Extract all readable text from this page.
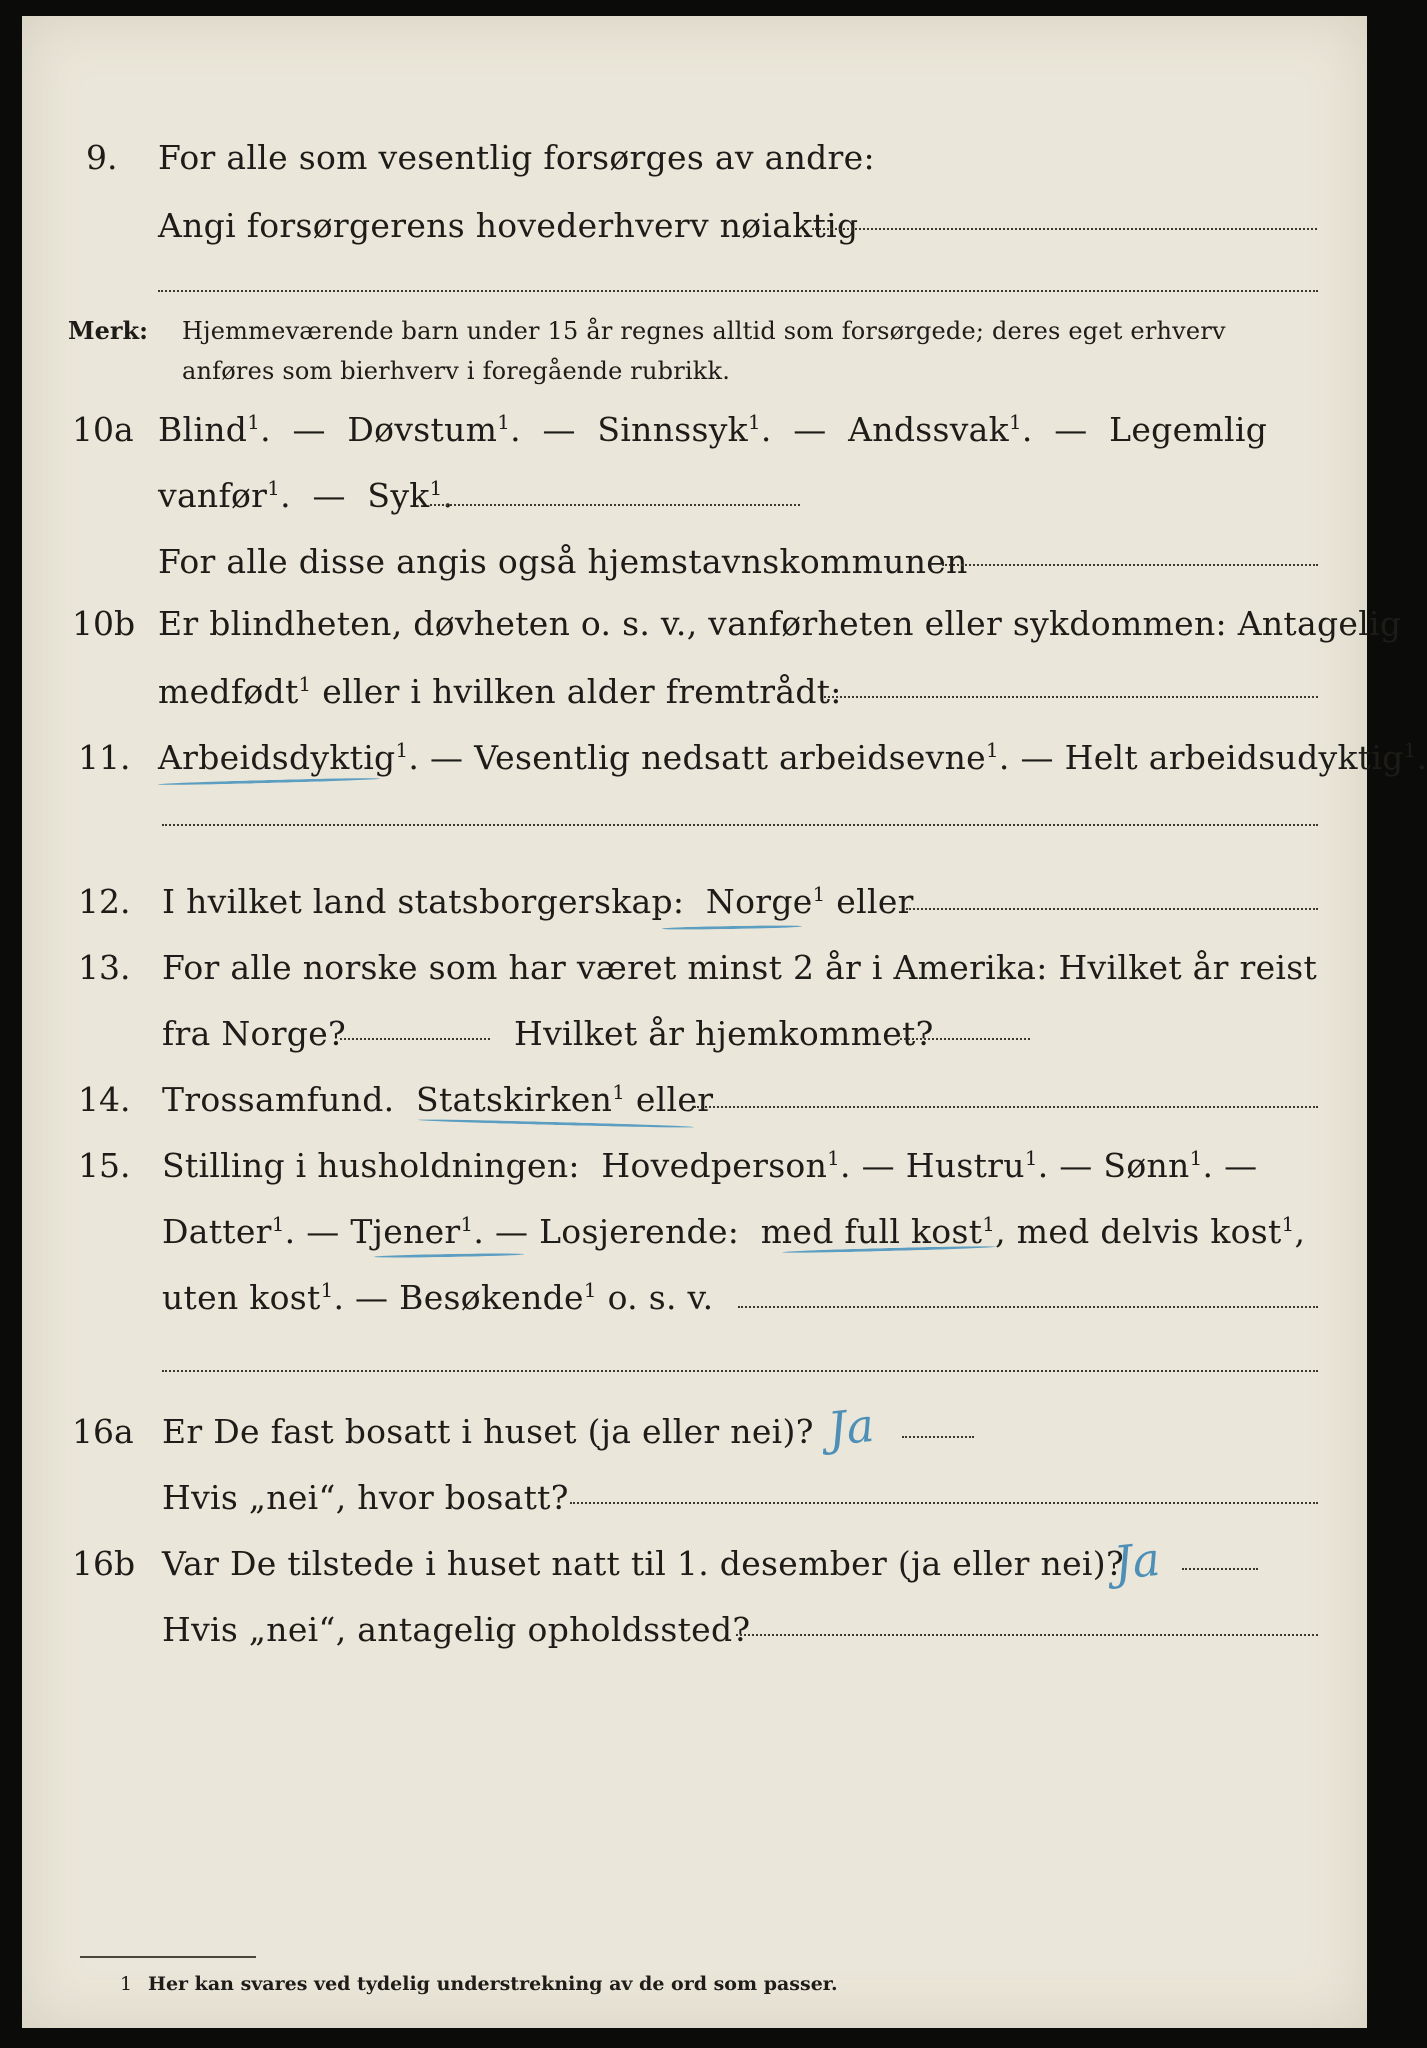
9. For alle som vesentlig forsørges av andre:
Angi forsørgerens hovederhverv nøiaktig
Merk: Hjemmeværende barn under 15 år regnes alltid som forsørgede; deres eget erhverv
anføres som bierhverv i foregående rubrikk.
10a Blind$^1$.  — Døvstum$^1$.  — Sinnssyk$^1$.  — Andssvak$^1$.  — Legemlig
vanfør$^1$.  — Syk$^1$.
For alle disse angis også hjemstavnskommunen
10b Er blindheten, døvheten o. s. v., vanførheten eller sykdommen: Antagelig
medfødt$^1$ eller i hvilken alder fremtrådt:
11. Arbeidsdyktig$^1$. — Vesentlig nedsatt arbeidsevne$^1$. — Helt arbeidsudyktig$^1$.
12. I hvilket land statsborgerskap: Norge$^1$ eller
13. For alle norske som har været minst 2 år i Amerika: Hvilket år reist
fra Norge?	Hvilket år hjemkommet?
14. Trossamfund. Statskirken$^1$ eller
15. Stilling i husholdningen: Hovedperson$^1$. — Hustru$^1$. — Sønn$^1$. —
Datter$^1$. — Tjener$^1$. — Losjerende: med full kost$^1$, med delvis kost$^1$,
uten kost$^1$. — Besøkende$^1$ o. s. v.
16a Er De fast bosatt i huset (ja eller nei)? Ja
Hvis „nei“, hvor bosatt?
16b Var De tilstede i huset natt til 1. desember (ja eller nei)?
Ja
Hvis „nei“, antagelig opholdssted?
1 Her kan svares ved tydelig understrekning av de ord som passer.
